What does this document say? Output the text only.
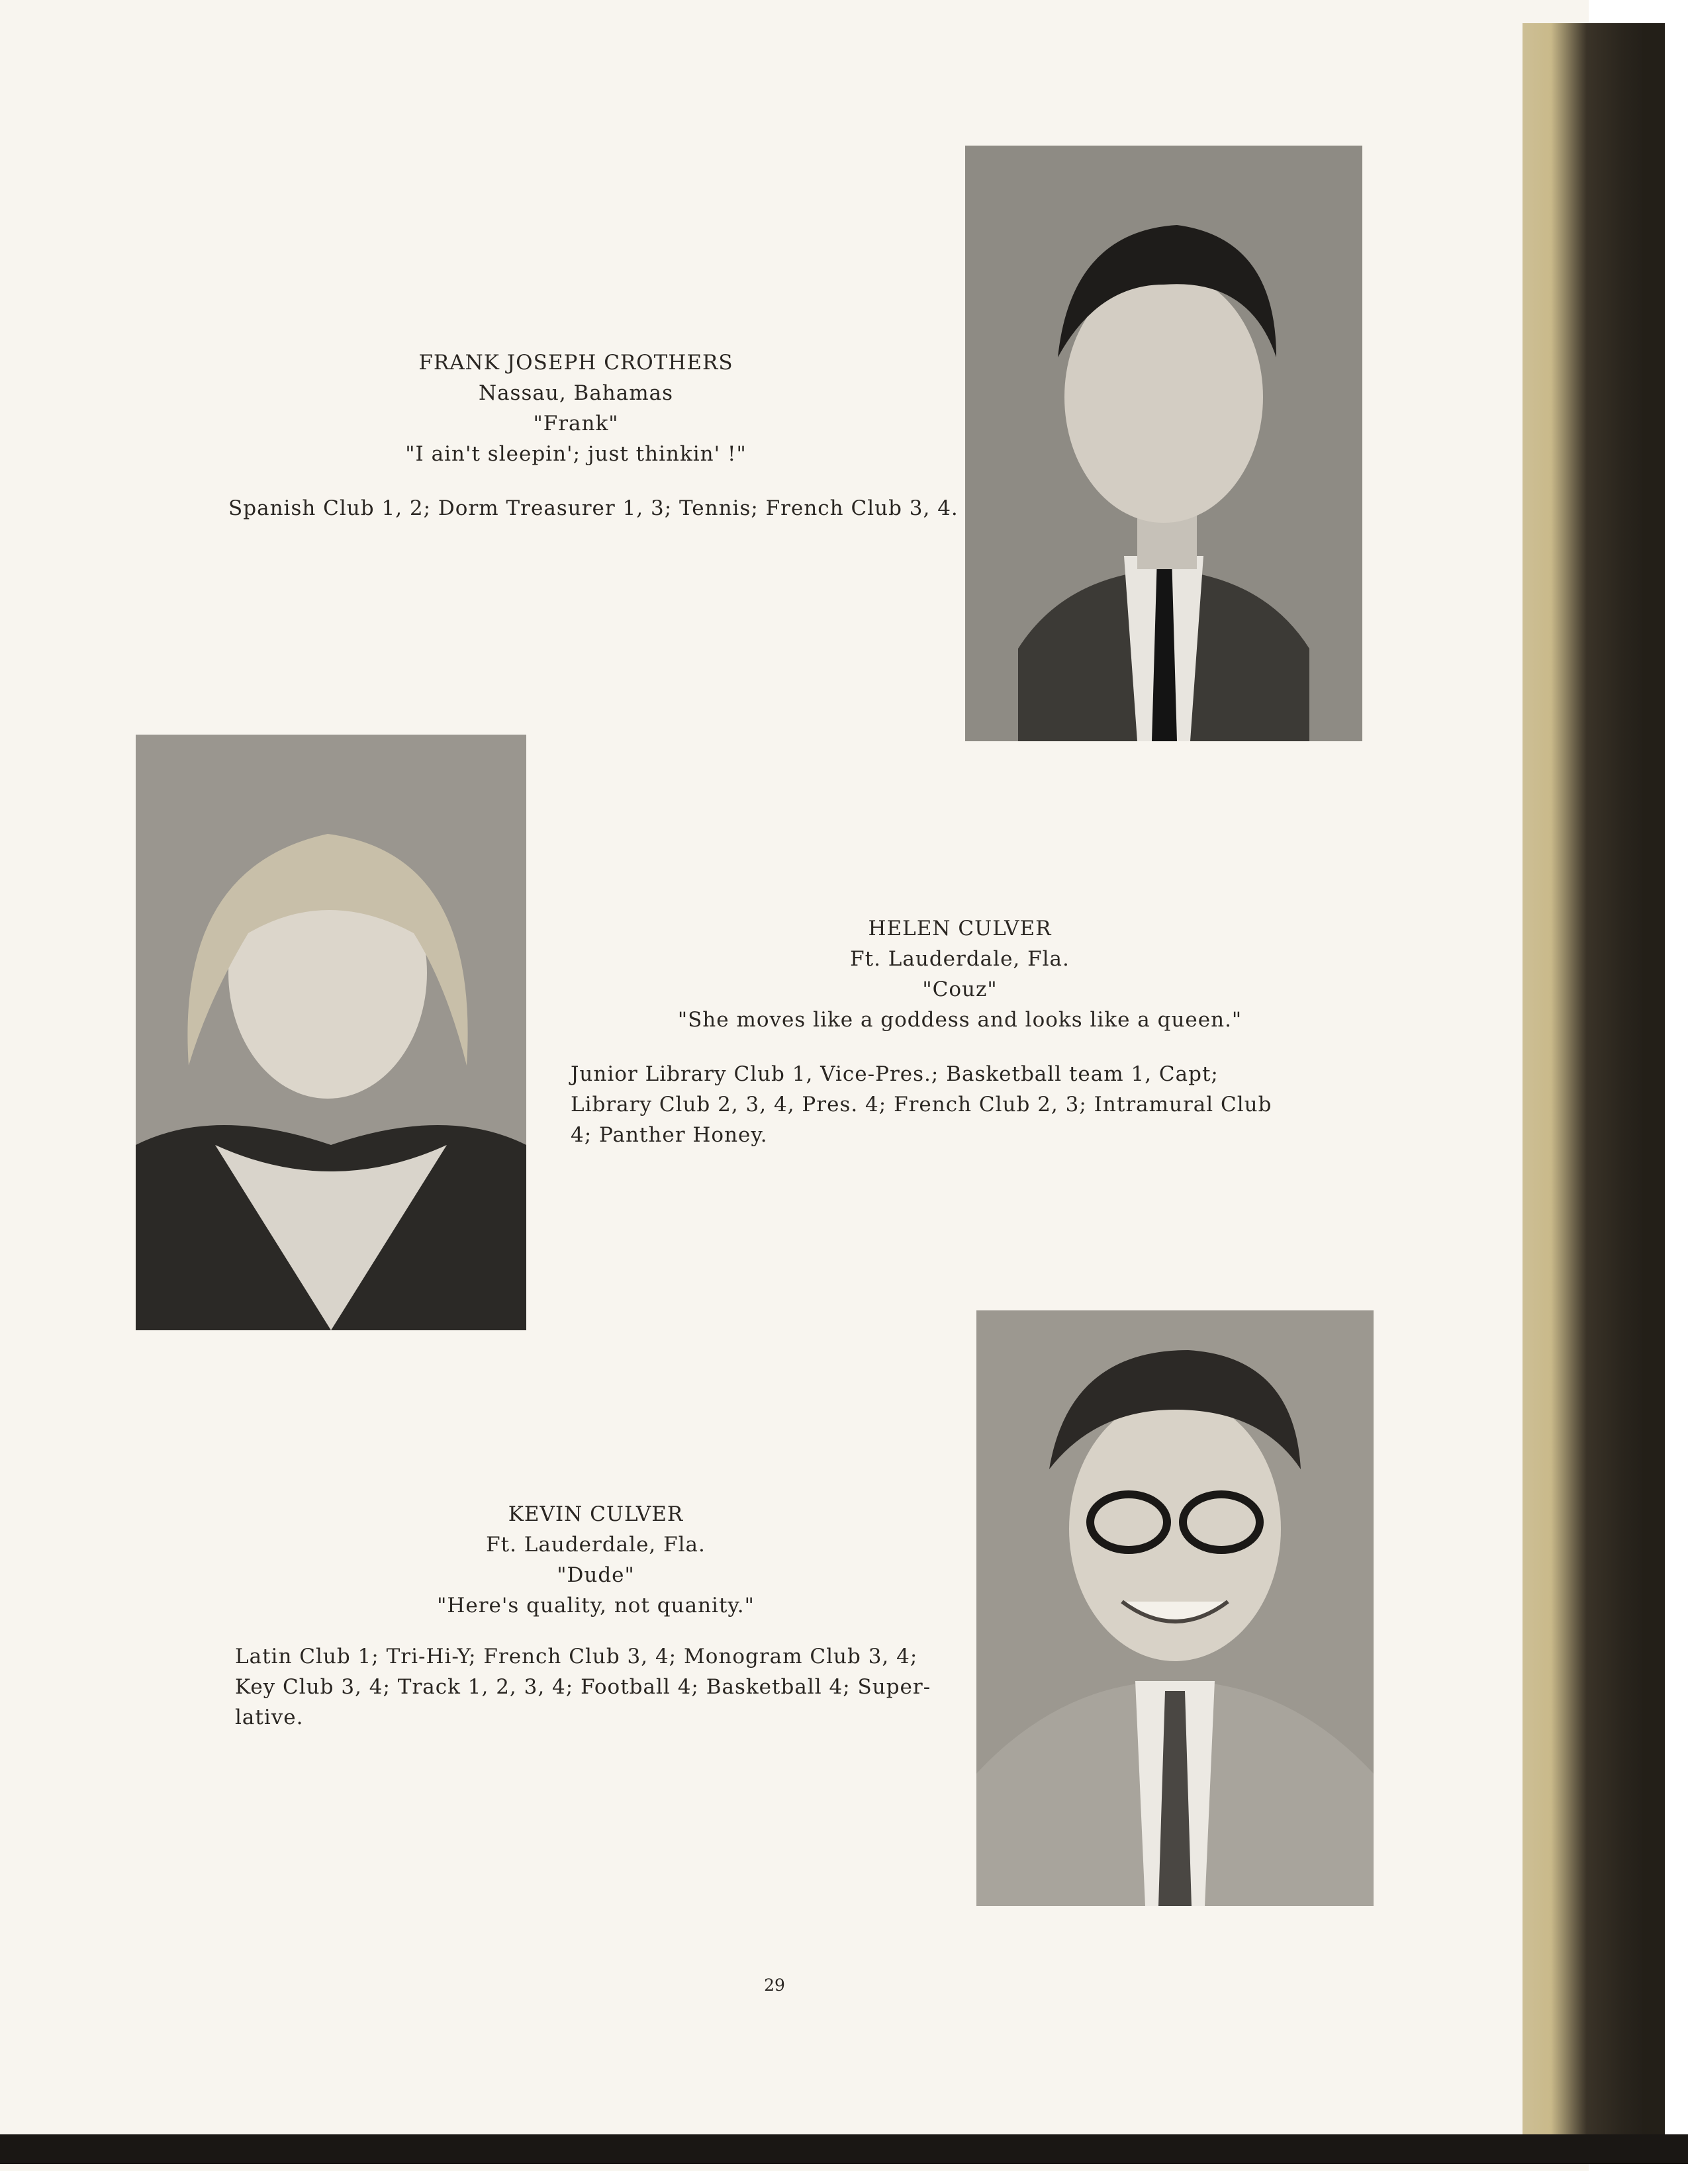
FRANK JOSEPH CROTHERS
Nassau, Bahamas
"Frank"
"I ain't sleepin'; just thinkin' !"
Spanish Club 1, 2; Dorm Treasurer 1, 3; Tennis; French Club 3, 4.
HELEN CULVER
Ft. Lauderdale, Fla.
"Couz"
"She moves like a goddess and looks like a queen."
Junior Library Club 1, Vice-Pres.; Basketball team 1, Capt;
Library Club 2, 3, 4, Pres. 4; French Club 2, 3; Intramural Club
4; Panther Honey.
KEVIN CULVER
Ft. Lauderdale, Fla.
"Dude"
"Here's quality, not quanity."
Latin Club 1; Tri-Hi-Y; French Club 3, 4; Monogram Club 3, 4;
Key Club 3, 4; Track 1, 2, 3, 4; Football 4; Basketball 4; Super-
lative.
29
